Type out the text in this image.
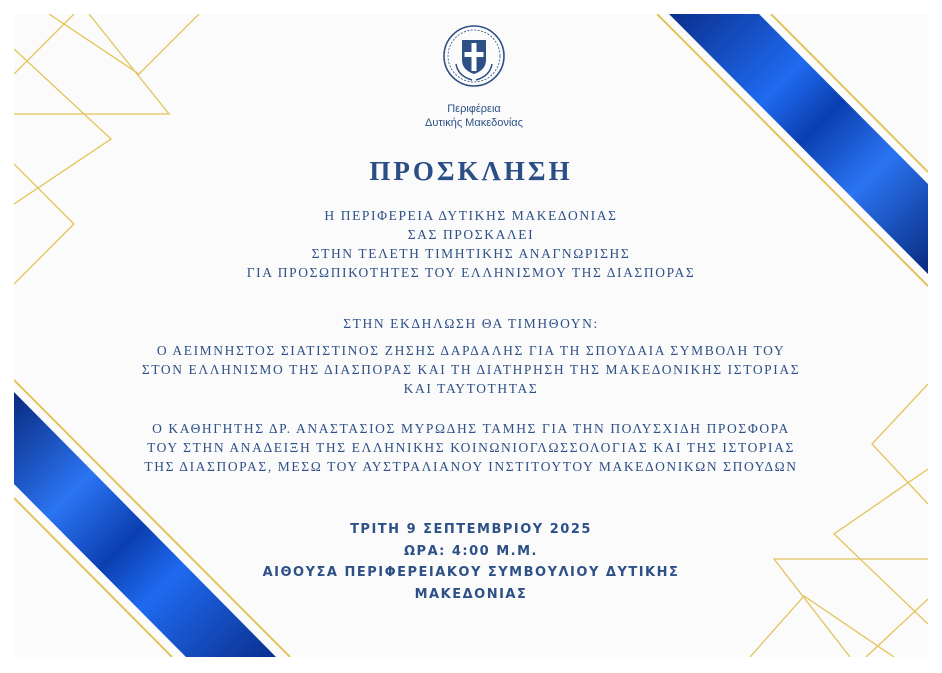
Περιφέρεια
Δυτικής Μακεδονίας
ΠΡΟΣΚΛΗΣΗ
Η ΠΕΡΙΦΕΡΕΙΑ ΔΥΤΙΚΗΣ ΜΑΚΕΔΟΝΙΑΣ
ΣΑΣ ΠΡΟΣΚΑΛΕΙ
ΣΤΗΝ ΤΕΛΕΤΗ ΤΙΜΗΤΙΚΗΣ ΑΝΑΓΝΩΡΙΣΗΣ
ΓΙΑ ΠΡΟΣΩΠΙΚΟΤΗΤΕΣ ΤΟΥ ΕΛΛΗΝΙΣΜΟΥ ΤΗΣ ΔΙΑΣΠΟΡΑΣ
ΣΤΗΝ ΕΚΔΗΛΩΣΗ ΘΑ ΤΙΜΗΘΟΥΝ:
Ο ΑΕΙΜΝΗΣΤΟΣ ΣΙΑΤΙΣΤΙΝΟΣ ΖΗΣΗΣ ΔΑΡΔΑΛΗΣ ΓΙΑ ΤΗ ΣΠΟΥΔΑΙΑ ΣΥΜΒΟΛΗ ΤΟΥ
ΣΤΟΝ ΕΛΛΗΝΙΣΜΟ ΤΗΣ ΔΙΑΣΠΟΡΑΣ ΚΑΙ ΤΗ ΔΙΑΤΗΡΗΣΗ ΤΗΣ ΜΑΚΕΔΟΝΙΚΗΣ ΙΣΤΟΡΙΑΣ
ΚΑΙ ΤΑΥΤΟΤΗΤΑΣ
Ο ΚΑΘΗΓΗΤΗΣ ΔΡ. ΑΝΑΣΤΑΣΙΟΣ ΜΥΡΩΔΗΣ ΤΑΜΗΣ ΓΙΑ ΤΗΝ ΠΟΛΥΣΧΙΔΗ ΠΡΟΣΦΟΡΑ
ΤΟΥ ΣΤΗΝ ΑΝΑΔΕΙΞΗ ΤΗΣ ΕΛΛΗΝΙΚΗΣ ΚΟΙΝΩΝΙΟΓΛΩΣΣΟΛΟΓΙΑΣ ΚΑΙ ΤΗΣ ΙΣΤΟΡΙΑΣ
ΤΗΣ ΔΙΑΣΠΟΡΑΣ, ΜΕΣΩ ΤΟΥ ΑΥΣΤΡΑΛΙΑΝΟΥ ΙΝΣΤΙΤΟΥΤΟΥ ΜΑΚΕΔΟΝΙΚΩΝ ΣΠΟΥΔΩΝ
ΤΡΙΤΗ 9 ΣΕΠΤΕΜΒΡΙΟΥ 2025
ΩΡΑ: 4:00 Μ.Μ.
ΑΙΘΟΥΣΑ ΠΕΡΙΦΕΡΕΙΑΚΟΥ ΣΥΜΒΟΥΛΙΟΥ ΔΥΤΙΚΗΣ
ΜΑΚΕΔΟΝΙΑΣ
